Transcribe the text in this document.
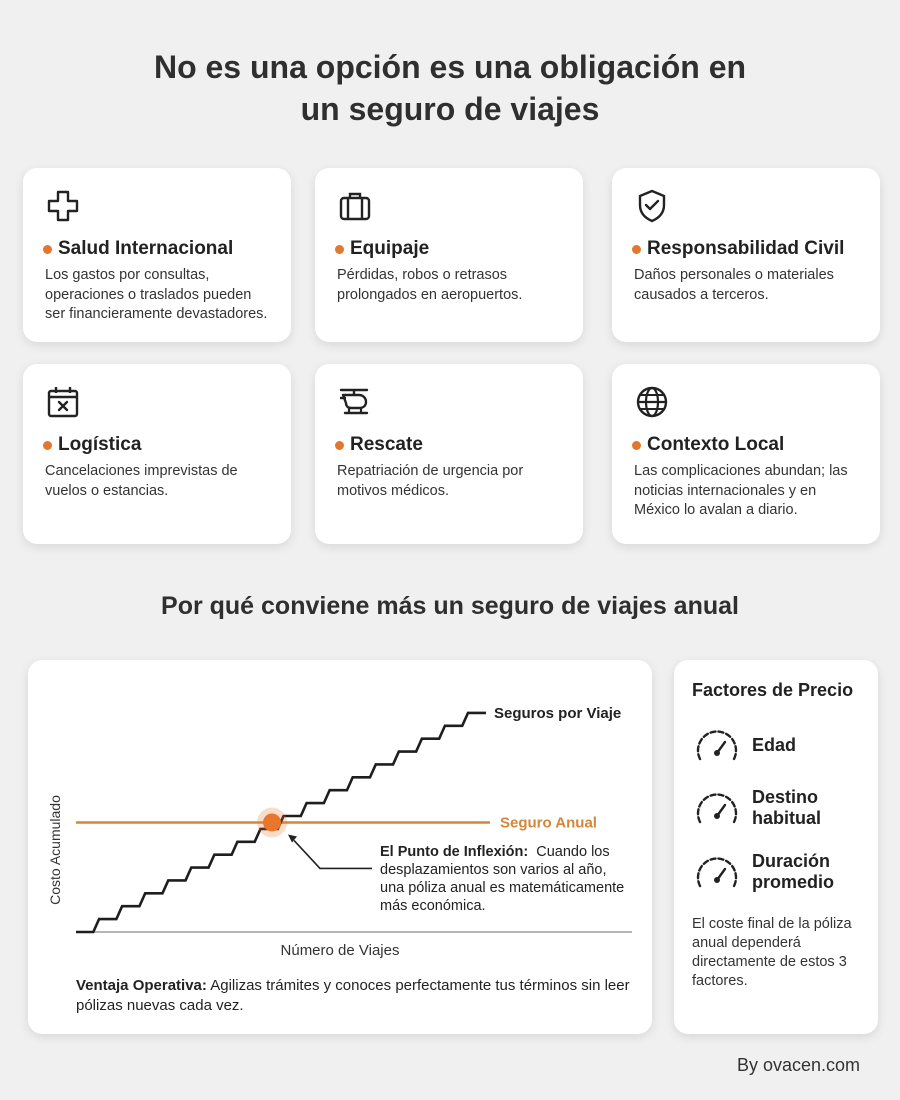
No es una opción es una obligación en
un seguro de viajes
Salud Internacional
Los gastos por consultas, operaciones o traslados pueden ser financieramente devastadores.
Equipaje
Pérdidas, robos o retrasos prolongados en aeropuertos.
Responsabilidad Civil
Daños personales o materiales causados a terceros.
Logística
Cancelaciones imprevistas de vuelos o estancias.
Rescate
Repatriación de urgencia por motivos médicos.
Contexto Local
Las complicaciones abundan; las noticias internacionales y en México lo avalan a diario.
Por qué conviene más un seguro de viajes anual
Costo Acumulado
Número de Viajes
Seguros por Viaje
Seguro Anual
El Punto de Inflexión: Cuando los desplazamientos son varios al año, una póliza anual es matemáticamente más económica.
Ventaja Operativa: Agilizas trámites y conoces perfectamente tus términos sin leer pólizas nuevas cada vez.
Factores de Precio
Edad
Destino habitual
Duración promedio
El coste final de la póliza anual dependerá directamente de estos 3 factores.
By ovacen.com
